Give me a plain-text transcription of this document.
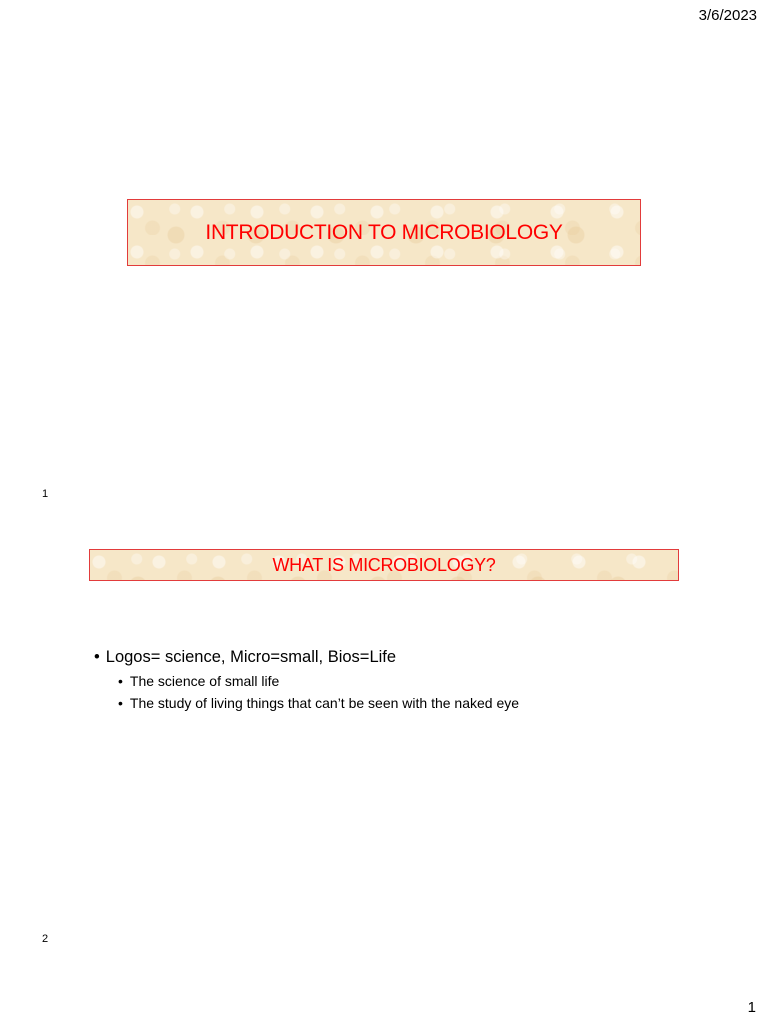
3/6/2023
INTRODUCTION TO MICROBIOLOGY
1
WHAT IS MICROBIOLOGY?
• Logos= science, Micro=small, Bios=Life
• The science of small life
• The study of living things that can’t be seen with the naked eye
2
1
